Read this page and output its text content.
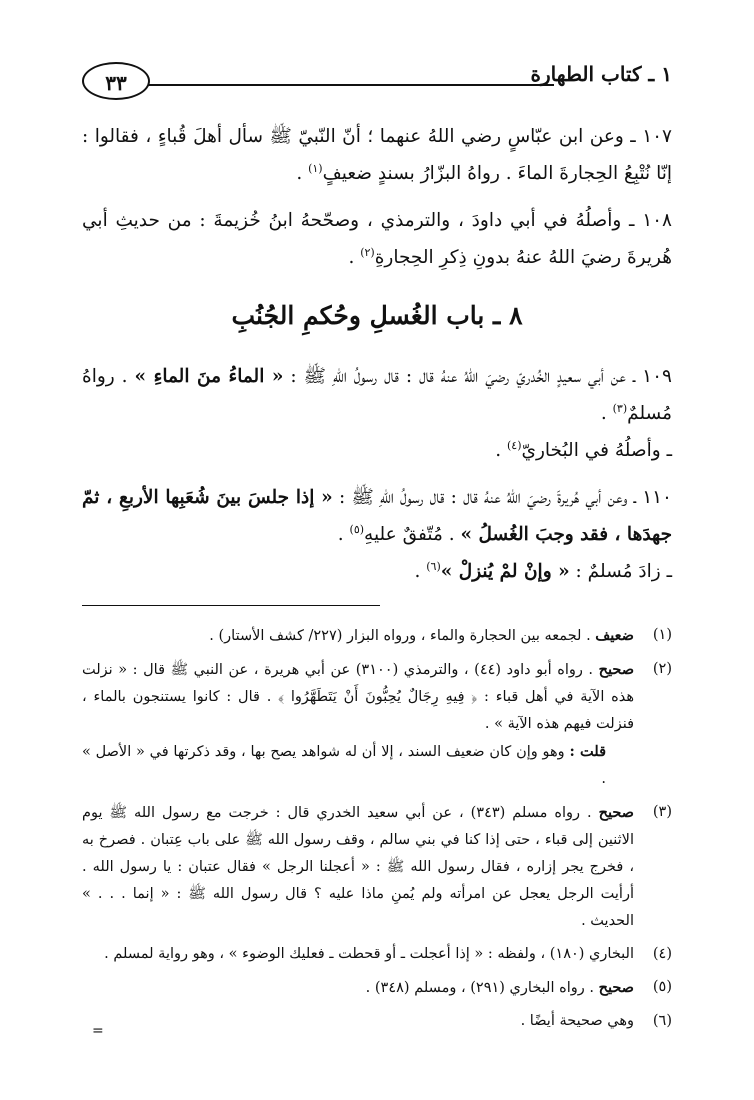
١ ـ كتاب الطهارة
٣٣

١٠٧ ـ وعن ابن عبّاسٍ رضي اللهُ عنهما ؛ أنّ النّبيّ ﷺ سأل أهلَ قُباءٍ ، فقالوا : إنّا نُتْبِعُ الحِجارةَ الماءَ . رواهُ البزّارُ بسندٍ ضعيفٍ$^{(١)}$ .

١٠٨ ـ وأصلُهُ في أبي داودَ ، والترمذي ، وصحّحهُ ابنُ خُزيمةَ : من حديثِ أبي هُريرةَ رضيَ اللهُ عنهُ بدونِ ذِكرِ الحِجارةِ$^{(٢)}$ .

٨ ـ باب الغُسلِ وحُكمِ الجُنُبِ

١٠٩ ـ عن أبي سعيدٍ الخُدريّ رضيَ اللهُ عنهُ قال : قال رسولُ اللهِ ﷺ : « الماءُ منَ الماءِ » . رواهُ مُسلمٌ$^{(٣)}$ .

ـ وأصلُهُ في البُخاريّ$^{(٤)}$ .

١١٠ ـ وعن أبي هُريرةَ رضيَ اللهُ عنهُ قال : قال رسولُ اللهِ ﷺ : « إذا جلسَ بينَ شُعَبِها الأربعِ ، ثمّ جهدَها ، فقد وجبَ الغُسلُ » . مُتّفقٌ عليهِ$^{(٥)}$ .

ـ زادَ مُسلمٌ : « وإنْ لمْ يُنزلْ »$^{(٦)}$ .

(١)

ضعيف . لجمعه بين الحجارة والماء ، ورواه البزار (٢٢٧/ كشف الأستار) .

(٢)

صحيح . رواه أبو داود (٤٤) ، والترمذي (٣١٠٠) عن أبي هريرة ، عن النبي ﷺ قال : « نزلت هذه الآية في أهل قباء : ﴿ فِيهِ رِجَالٌ يُحِبُّونَ أَنْ يَتَطَهَّرُوا ﴾ . قال : كانوا يستنجون بالماء ، فنزلت فيهم هذه الآية » .

قلت : وهو وإن كان ضعيف السند ، إلا أن له شواهد يصح بها ، وقد ذكرتها في « الأصل » .

(٣)

صحيح . رواه مسلم (٣٤٣) ، عن أبي سعيد الخدري قال : خرجت مع رسول الله ﷺ يوم الاثنين إلى قباء ، حتى إذا كنا في بني سالم ، وقف رسول الله ﷺ على باب عِتبان . فصرخ به ، فخرج يجر إزاره ، فقال رسول الله ﷺ : « أعجلنا الرجل » فقال عتبان : يا رسول الله . أرأيت الرجل يعجل عن امرأته ولم يُمنِ ماذا عليه ؟ قال رسول الله ﷺ : « إنما . . . » الحديث .

(٤)

البخاري (١٨٠) ، ولفظه : « إذا أعجلت ـ أو قحطت ـ فعليك الوضوء » ، وهو رواية لمسلم .

(٥)

صحيح . رواه البخاري (٢٩١) ، ومسلم (٣٤٨) .

(٦)

وهي صحيحة أيضًا .

=
